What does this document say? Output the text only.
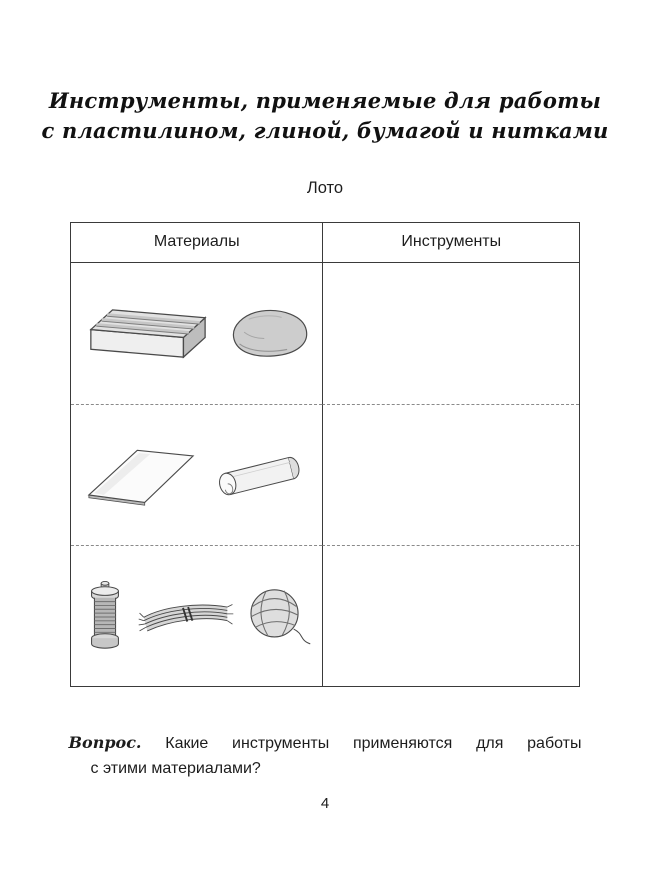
Инструменты, применяемые для работы
с пластилином, глиной, бумагой и нитками
Лото
Материалы	Инструменты

Вопрос. Какие инструменты применяются для работы

с этими материалами?

4
